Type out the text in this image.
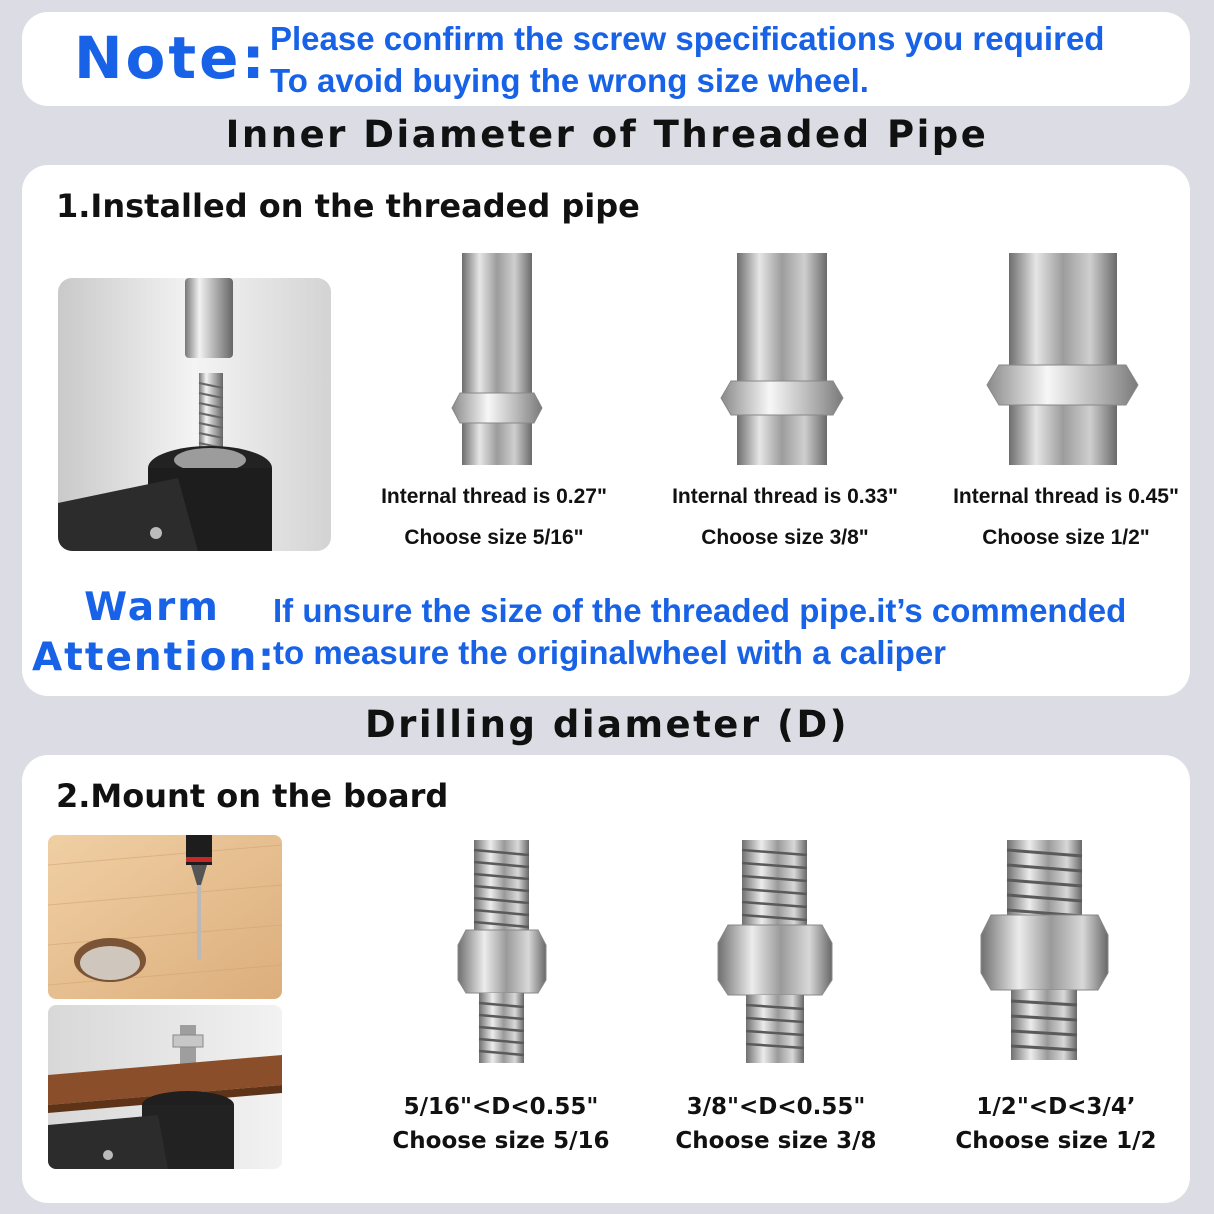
Note: Please confirm the screw specifications you required
To avoid buying the wrong size wheel.
Inner Diameter of Threaded Pipe
1.Installed on the threaded pipe
Internal thread is 0.27"
Choose size 5/16"
Internal thread is 0.33"
Choose size 3/8"
Internal thread is 0.45"
Choose size 1/2"
Warm
Attention:
If unsure the size of the threaded pipe.it’s commended
to measure the originalwheel with a caliper
Drilling diameter (D)
2.Mount on the board
5/16"<D<0.55"
Choose size 5/16
3/8"<D<0.55"
Choose size 3/8
1/2"<D<3/4’
Choose size 1/2
